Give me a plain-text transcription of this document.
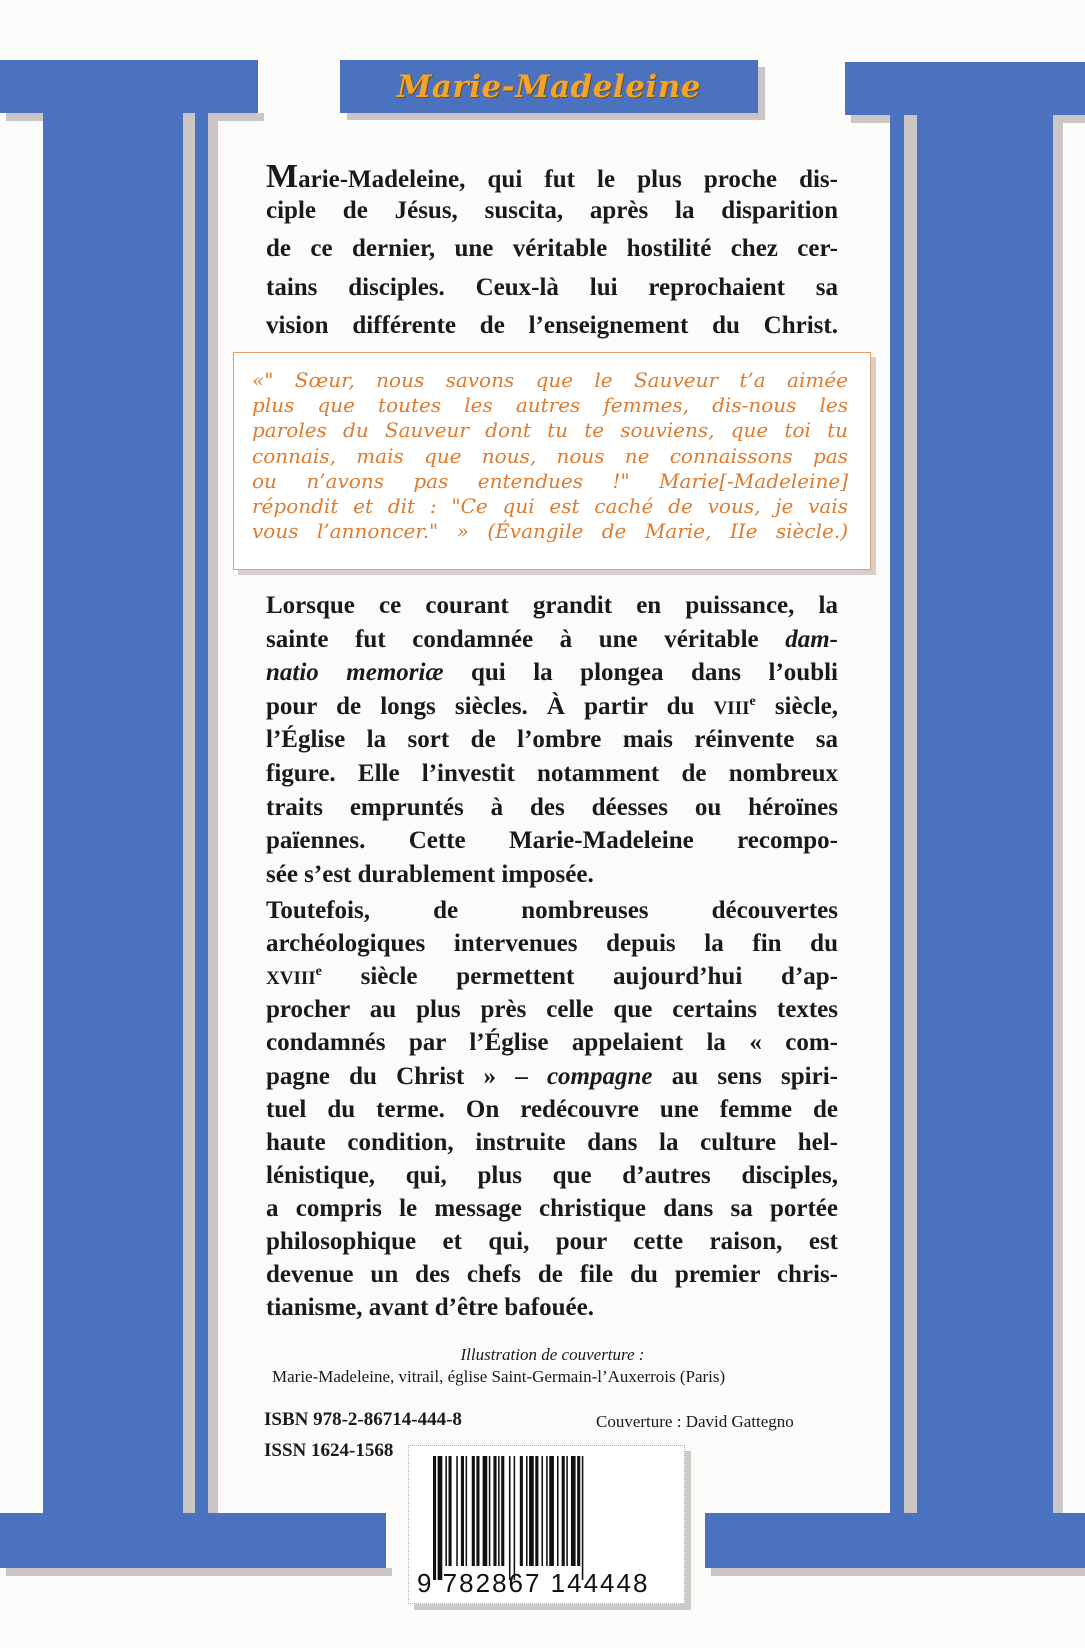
Marie-Madeleine
Marie-Madeleine, qui fut le plus proche dis-
ciple de Jésus, suscita, après la disparition
de ce dernier, une véritable hostilité chez cer-
tains disciples. Ceux-là lui reprochaient sa
vision différente de l’enseignement du Christ.
«" Sœur, nous savons que le Sauveur t’a aimée
plus que toutes les autres femmes, dis-nous les
paroles du Sauveur dont tu te souviens, que toi tu
connais, mais que nous, nous ne connaissons pas
ou n’avons pas entendues !" Marie[-Madeleine]
répondit et dit : "Ce qui est caché de vous, je vais
vous l’annoncer." » (Évangile de Marie, IIe siècle.)
Lorsque ce courant grandit en puissance, la
sainte fut condamnée à une véritable dam-
natio memoriæ qui la plongea dans l’oubli
pour de longs siècles. À partir du VIIIe siècle,
l’Église la sort de l’ombre mais réinvente sa
figure. Elle l’investit notamment de nombreux
traits empruntés à des déesses ou héroïnes
païennes. Cette Marie-Madeleine recompo-
sée s’est durablement imposée.
Toutefois, de nombreuses découvertes
archéologiques intervenues depuis la fin du
XVIIIe siècle permettent aujourd’hui d’ap-
procher au plus près celle que certains textes
condamnés par l’Église appelaient la « com-
pagne du Christ » – compagne au sens spiri-
tuel du terme. On redécouvre une femme de
haute condition, instruite dans la culture hel-
lénistique, qui, plus que d’autres disciples,
a compris le message christique dans sa portée
philosophique et qui, pour cette raison, est
devenue un des chefs de file du premier chris-
tianisme, avant d’être bafouée.
Illustration de couverture :
Marie-Madeleine, vitrail, église Saint-Germain-l’Auxerrois (Paris)
ISBN 978-2-86714-444-8	Couverture : David Gattegno
ISSN 1624-1568
9 782867 144448
